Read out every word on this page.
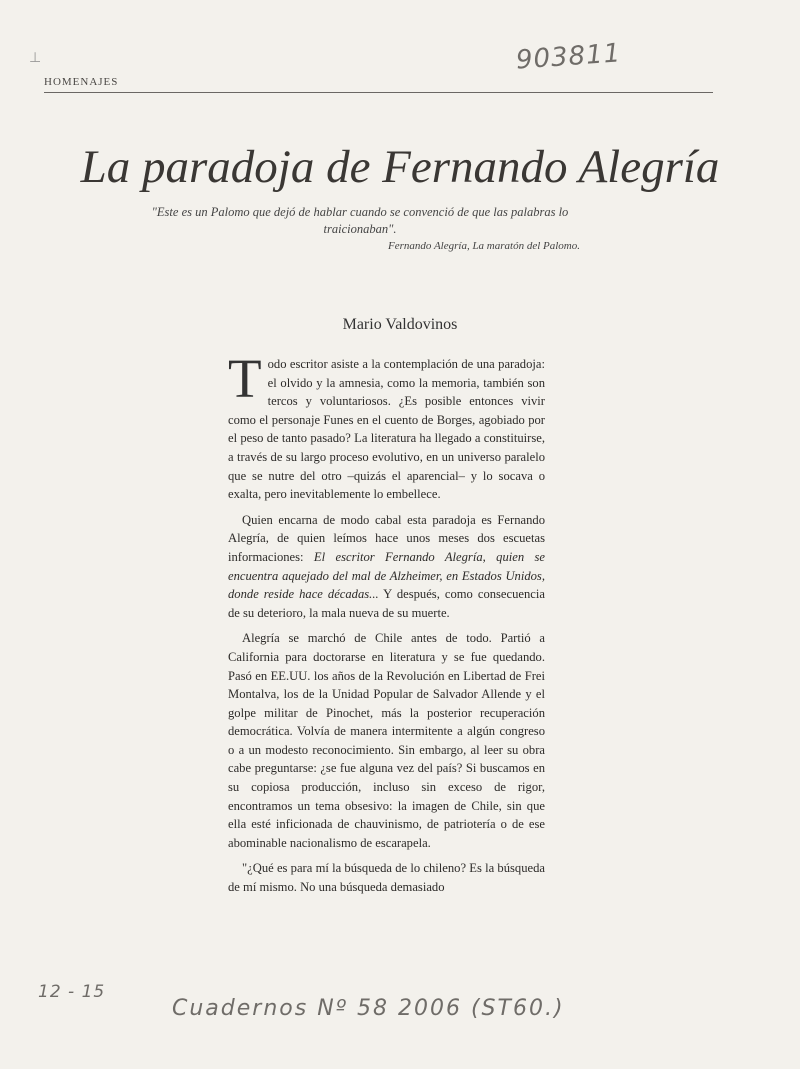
⊥	903811
HOMENAJES
La paradoja de Fernando Alegría
"Este es un Palomo que dejó de hablar cuando se convenció de que las palabras lo traicionaban".
Fernando Alegría, La maratón del Palomo.
Mario Valdovinos

Todo escritor asiste a la contemplación de una paradoja: el olvido y la amnesia, como la memoria, también son tercos y voluntariosos. ¿Es posible entonces vivir como el personaje Funes en el cuento de Borges, agobiado por el peso de tanto pasado? La literatura ha llegado a constituirse, a través de su largo proceso evolutivo, en un universo paralelo que se nutre del otro –quizás el aparencial– y lo socava o exalta, pero inevitablemente lo embellece.

Quien encarna de modo cabal esta paradoja es Fernando Alegría, de quien leímos hace unos meses dos escuetas informaciones: El escritor Fernando Alegría, quien se encuentra aquejado del mal de Alzheimer, en Estados Unidos, donde reside hace décadas... Y después, como consecuencia de su deterioro, la mala nueva de su muerte.

Alegría se marchó de Chile antes de todo. Partió a California para doctorarse en literatura y se fue quedando. Pasó en EE.UU. los años de la Revolución en Libertad de Frei Montalva, los de la Unidad Popular de Salvador Allende y el golpe militar de Pinochet, más la posterior recuperación democrática. Volvía de manera intermitente a algún congreso o a un modesto reconocimiento. Sin embargo, al leer su obra cabe preguntarse: ¿se fue alguna vez del país? Si buscamos en su copiosa producción, incluso sin exceso de rigor, encontramos un tema obsesivo: la imagen de Chile, sin que ella esté inficionada de chauvinismo, de patriotería o de ese abominable nacionalismo de escarapela.

"¿Qué es para mí la búsqueda de lo chileno? Es la búsqueda de mí mismo. No una búsqueda demasiado

12 - 15
Cuadernos Nº 58 2006 (ST60.)
